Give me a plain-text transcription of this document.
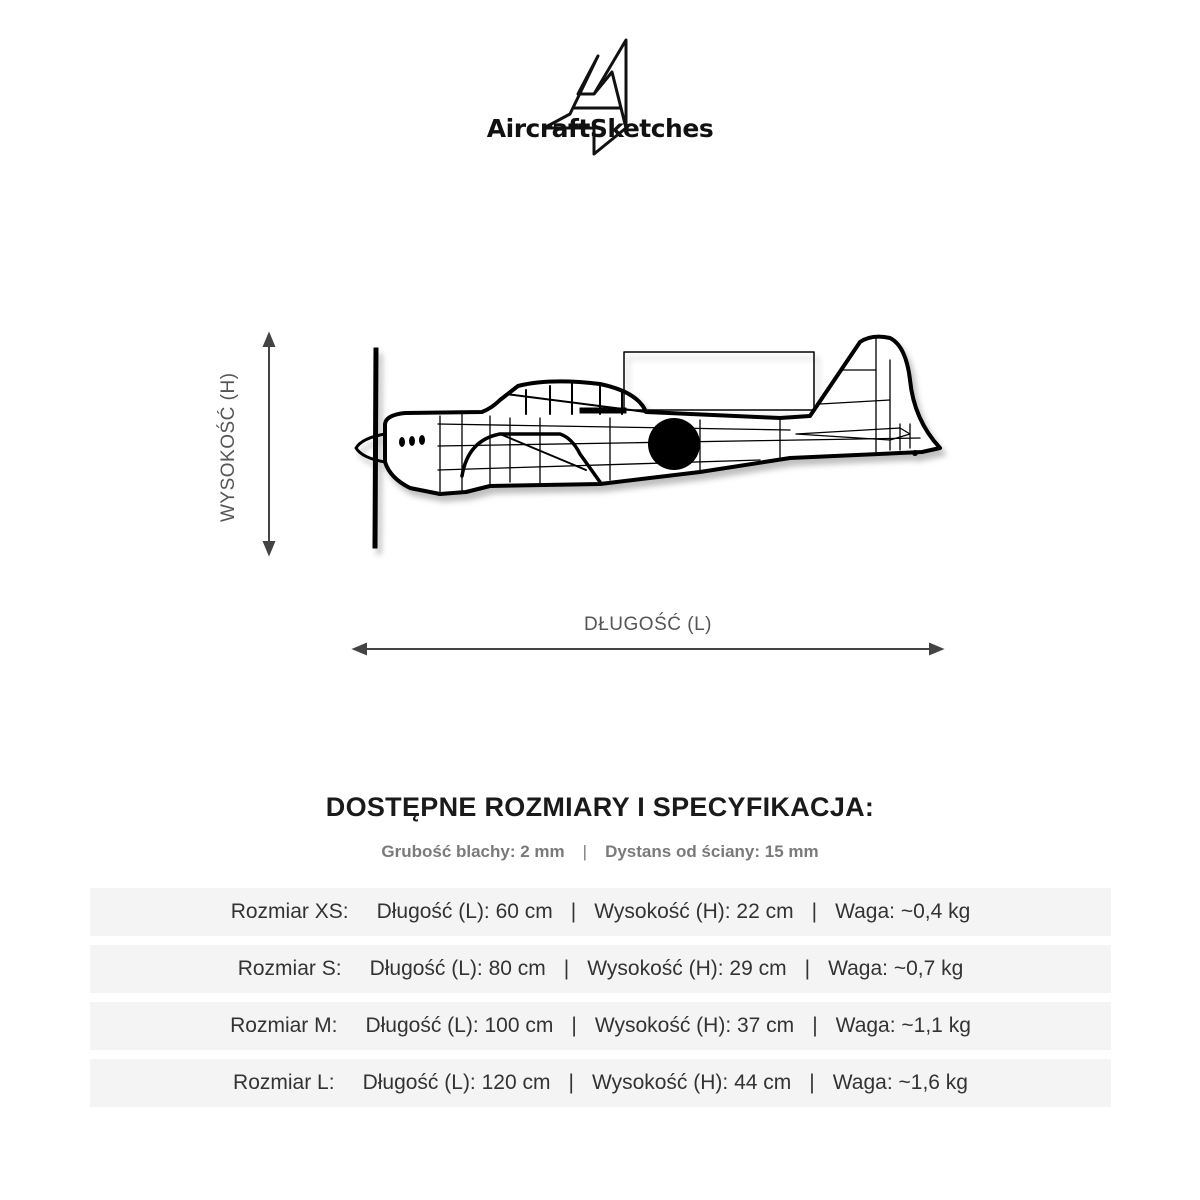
AircraftSketches
WYSOKOŚĆ (H)
DŁUGOŚĆ (L)
DOSTĘPNE ROZMIARY I SPECYFIKACJA:
Grubość blachy: 2 mm | Dystans od ściany: 15 mm
Rozmiar XS: Długość (L): 60 cm | Wysokość (H): 22 cm | Waga: ~0,4 kg
Rozmiar S: Długość (L): 80 cm | Wysokość (H): 29 cm | Waga: ~0,7 kg
Rozmiar M: Długość (L): 100 cm | Wysokość (H): 37 cm | Waga: ~1,1 kg
Rozmiar L: Długość (L): 120 cm | Wysokość (H): 44 cm | Waga: ~1,6 kg
